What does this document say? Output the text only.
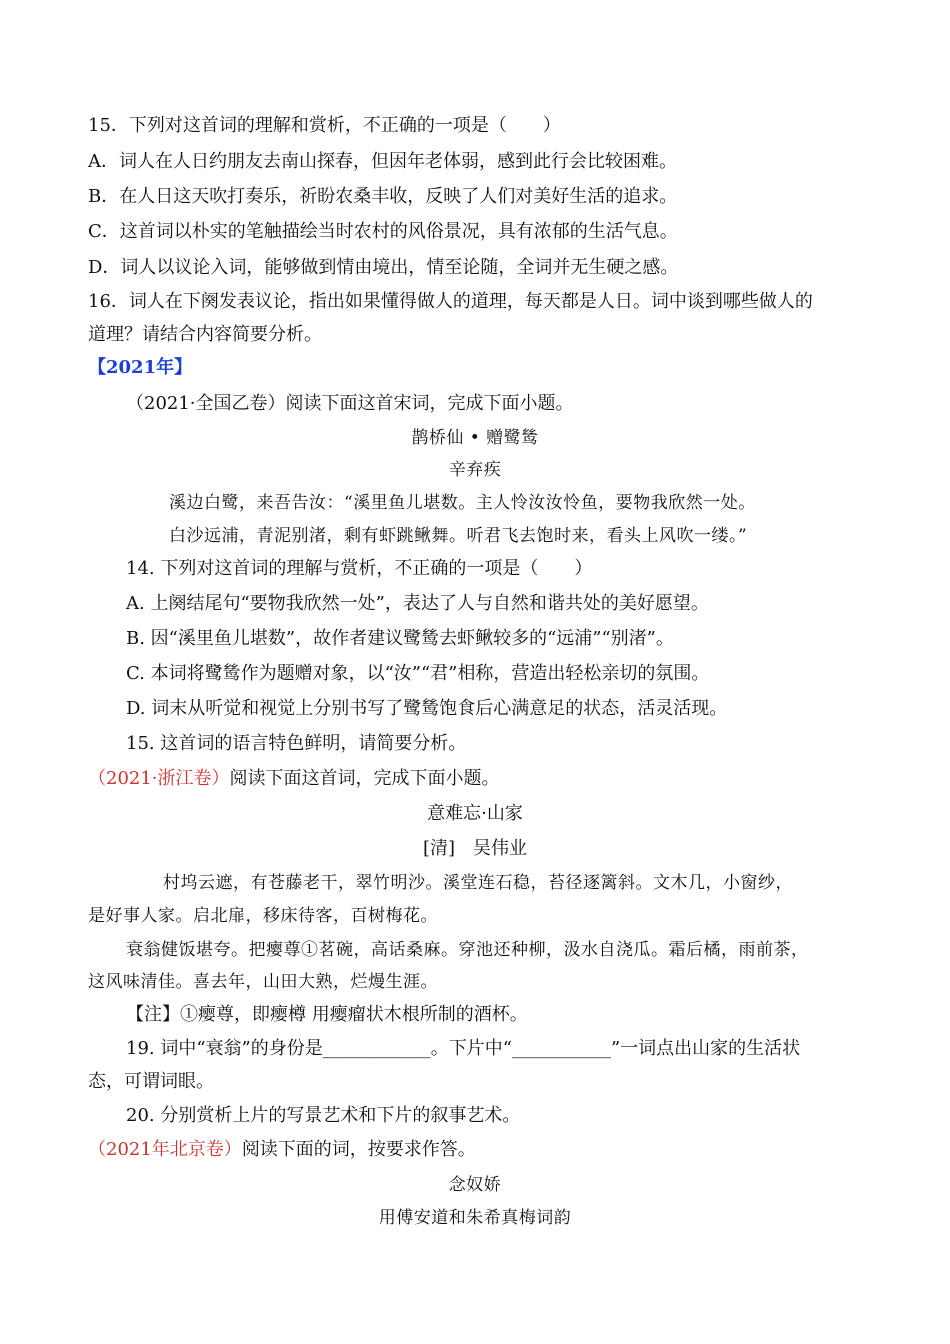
15．下列对这首词的理解和赏析，不正确的一项是（　　）
A．词人在人日约朋友去南山探春，但因年老体弱，感到此行会比较困难。
B．在人日这天吹打奏乐，祈盼农桑丰收，反映了人们对美好生活的追求。
C．这首词以朴实的笔触描绘当时农村的风俗景况，具有浓郁的生活气息。
D．词人以议论入词，能够做到情由境出，情至论随，全词并无生硬之感。
16．词人在下阕发表议论，指出如果懂得做人的道理，每天都是人日。词中谈到哪些做人的
道理？请结合内容简要分析。
【2021年】
（2021·全国乙卷）阅读下面这首宋词，完成下面小题。
鹊桥仙 • 赠鹭鸶
辛弃疾
溪边白鹭，来吾告汝：“溪里鱼儿堪数。主人怜汝汝怜鱼，要物我欣然一处。
白沙远浦，青泥别渚，剩有虾跳鳅舞。听君飞去饱时来，看头上风吹一缕。”
14. 下列对这首词的理解与赏析，不正确的一项是（　　）
A. 上阕结尾句“要物我欣然一处”，表达了人与自然和谐共处的美好愿望。
B. 因“溪里鱼儿堪数”，故作者建议鹭鸶去虾鳅较多的“远浦”“别渚”。
C. 本词将鹭鸶作为题赠对象，以“汝”“君”相称，营造出轻松亲切的氛围。
D. 词末从听觉和视觉上分别书写了鹭鸶饱食后心满意足的状态，活灵活现。
15. 这首词的语言特色鲜明，请简要分析。
（2021·浙江卷）阅读下面这首词，完成下面小题。
意难忘·山家
[清]　吴伟业
村坞云遮，有苍藤老干，翠竹明沙。溪堂连石稳，苔径逐篱斜。文木几，小窗纱，
是好事人家。启北扉，移床待客，百树梅花。
衰翁健饭堪夸。把瘿尊①茗碗，高话桑麻。穿池还种柳，汲水自浇瓜。霜后橘，雨前茶，
这风味清佳。喜去年，山田大熟，烂熳生涯。
【注】①瘿尊，即瘿樽 用瘿瘤状木根所制的酒杯。
19. 词中“衰翁”的身份是____________。下片中“___________”一词点出山家的生活状
态，可谓词眼。
20. 分别赏析上片的写景艺术和下片的叙事艺术。
（2021年北京卷）阅读下面的词，按要求作答。
念奴娇
用傅安道和朱希真梅词韵
